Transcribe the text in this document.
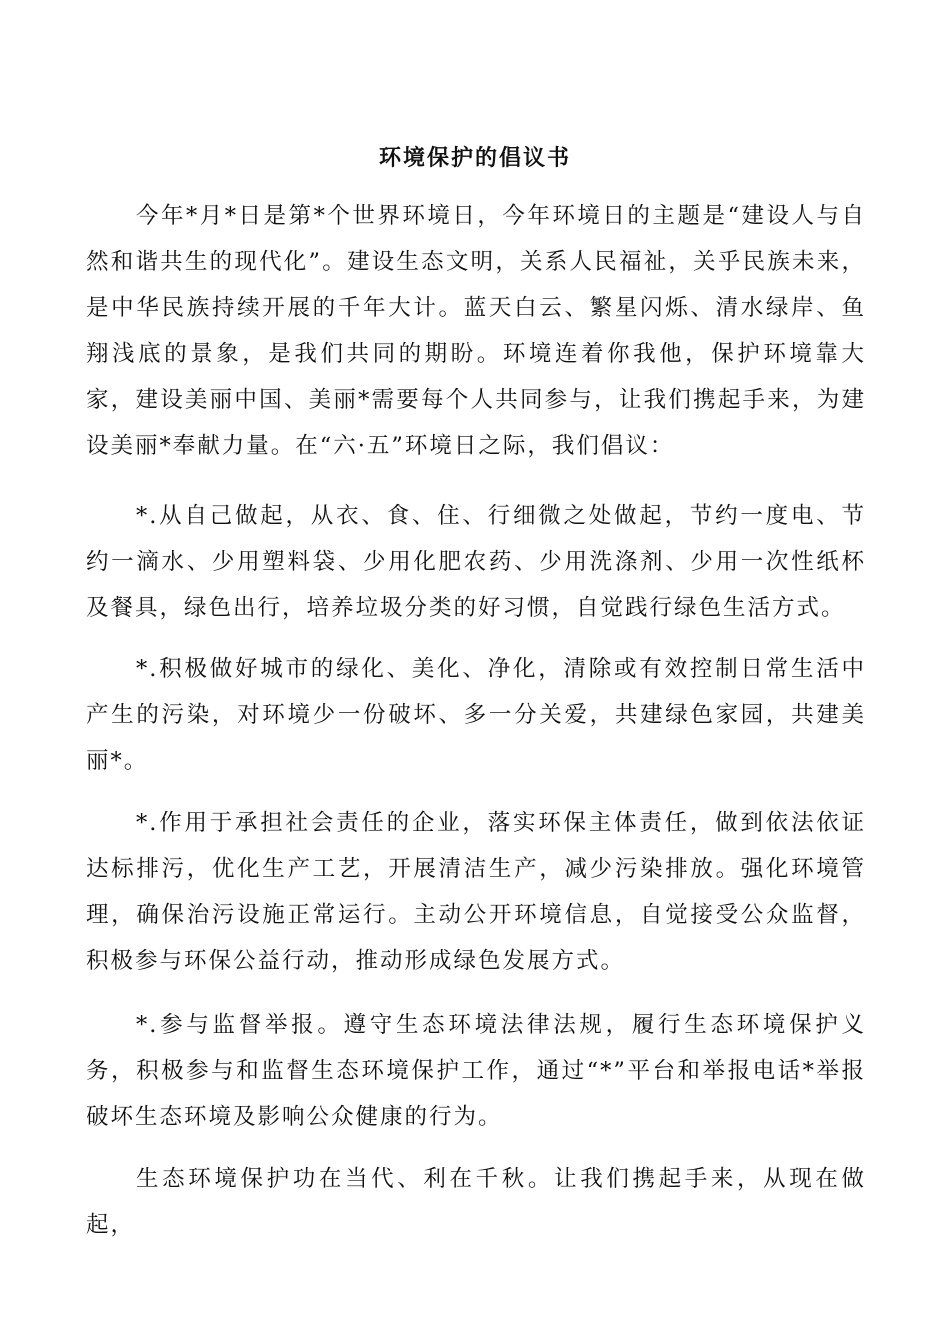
环境保护的倡议书

今年*月*日是第*个世界环境日，今年环境日的主题是“建设人与自然和谐共生的现代化”。建设生态文明，关系人民福祉，关乎民族未来，是中华民族持续开展的千年大计。蓝天白云、繁星闪烁、清水绿岸、鱼翔浅底的景象，是我们共同的期盼。环境连着你我他，保护环境靠大家，建设美丽中国、美丽*需要每个人共同参与，让我们携起手来，为建设美丽*奉献力量。在“六·五”环境日之际，我们倡议：

*.从自己做起，从衣、食、住、行细微之处做起，节约一度电、节约一滴水、少用塑料袋、少用化肥农药、少用洗涤剂、少用一次性纸杯及餐具，绿色出行，培养垃圾分类的好习惯，自觉践行绿色生活方式。

*.积极做好城市的绿化、美化、净化，清除或有效控制日常生活中产生的污染，对环境少一份破坏、多一分关爱，共建绿色家园，共建美丽*。

*.作用于承担社会责任的企业，落实环保主体责任，做到依法依证达标排污，优化生产工艺，开展清洁生产，减少污染排放。强化环境管理，确保治污设施正常运行。主动公开环境信息，自觉接受公众监督，积极参与环保公益行动，推动形成绿色发展方式。

*.参与监督举报。遵守生态环境法律法规，履行生态环境保护义务，积极参与和监督生态环境保护工作，通过“*”平台和举报电话*举报破坏生态环境及影响公众健康的行为。

生态环境保护功在当代、利在千秋。让我们携起手来，从现在做起，
